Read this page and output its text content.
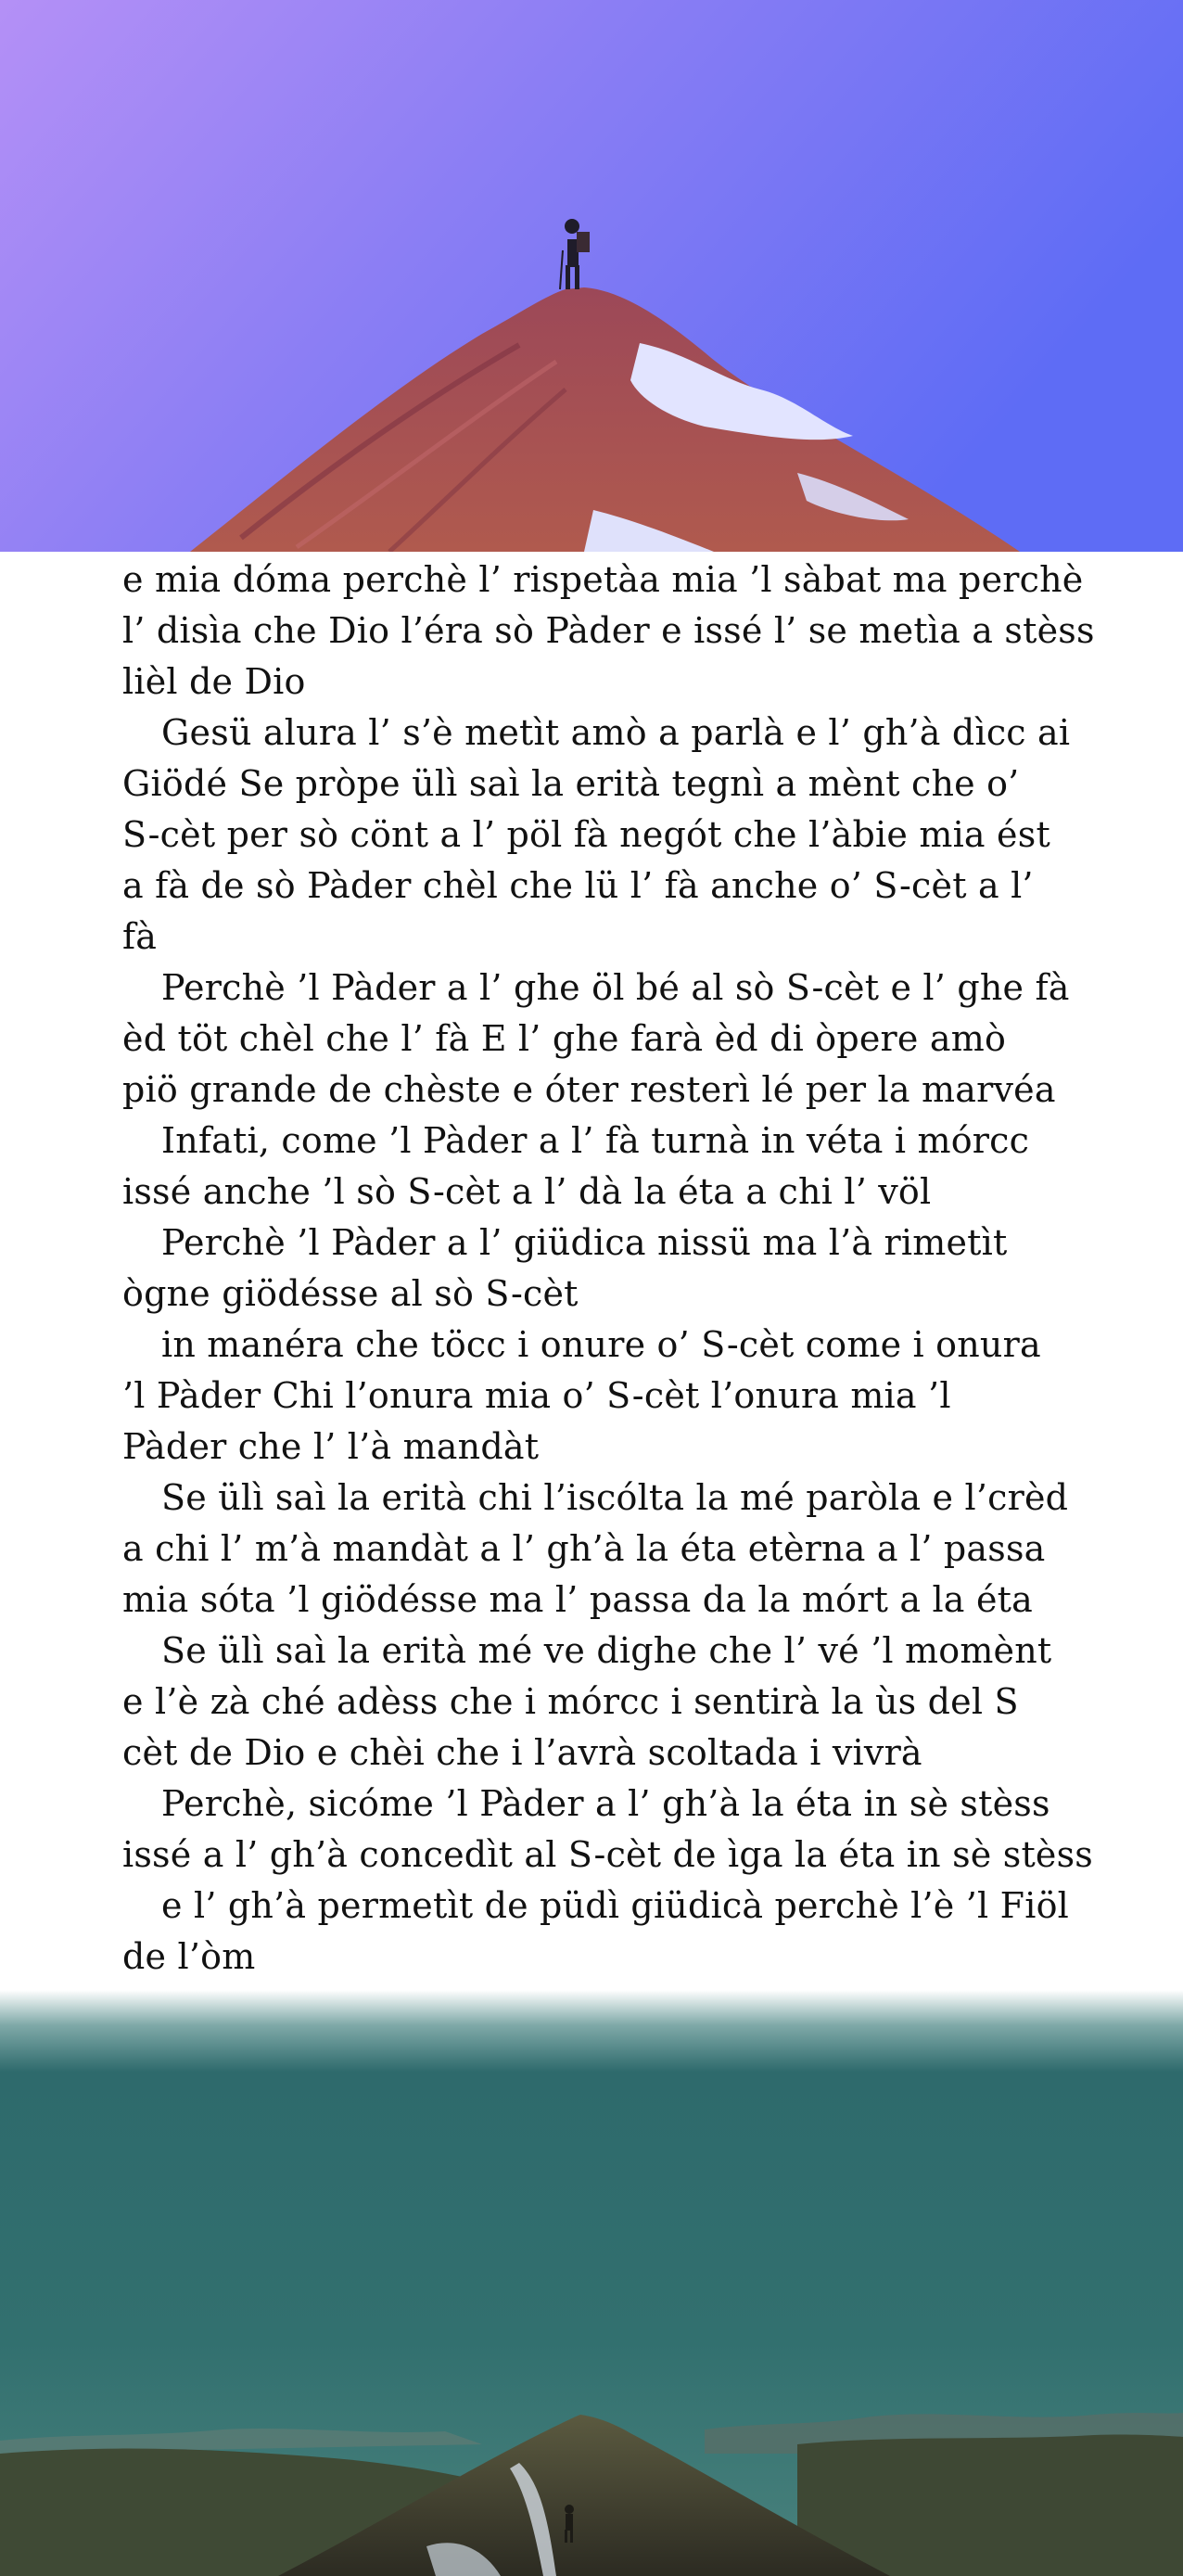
e mia dóma perchè l’ rispetàa mia ’l sàbat ma perchè
l’ disìa che Dio l’éra sò Pàder e issé l’ se metìa a stèss
lièl de Dio
Gesü alura l’ s’è metìt amò a parlà e l’ gh’à dìcc ai
Giödé Se pròpe ülì saì la erità tegnì a mènt che o’
S-cèt per sò cönt a l’ pöl fà negót che l’àbie mia ést
a fà de sò Pàder chèl che lü l’ fà anche o’ S-cèt a l’
fà
Perchè ’l Pàder a l’ ghe öl bé al sò S-cèt e l’ ghe fà
èd töt chèl che l’ fà E l’ ghe farà èd di òpere amò
piö grande de chèste e óter resterì lé per la marvéa
Infati, come ’l Pàder a l’ fà turnà in véta i mórcc
issé anche ’l sò S-cèt a l’ dà la éta a chi l’ völ
Perchè ’l Pàder a l’ giüdica nissü ma l’à rimetìt
ògne giödésse al sò S-cèt
in manéra che töcc i onure o’ S-cèt come i onura
’l Pàder Chi l’onura mia o’ S-cèt l’onura mia ’l
Pàder che l’ l’à mandàt
Se ülì saì la erità chi l’iscólta la mé paròla e l’crèd
a chi l’ m’à mandàt a l’ gh’à la éta etèrna a l’ passa
mia sóta ’l giödésse ma l’ passa da la mórt a la éta
Se ülì saì la erità mé ve dighe che l’ vé ’l momènt
e l’è zà ché adèss che i mórcc i sentirà la ùs del S
cèt de Dio e chèi che i l’avrà scoltada i vivrà
Perchè, sicóme ’l Pàder a l’ gh’à la éta in sè stèss
issé a l’ gh’à concedìt al S-cèt de ìga la éta in sè stèss
e l’ gh’à permetìt de püdì giüdicà perchè l’è ’l Fiöl
de l’òm
